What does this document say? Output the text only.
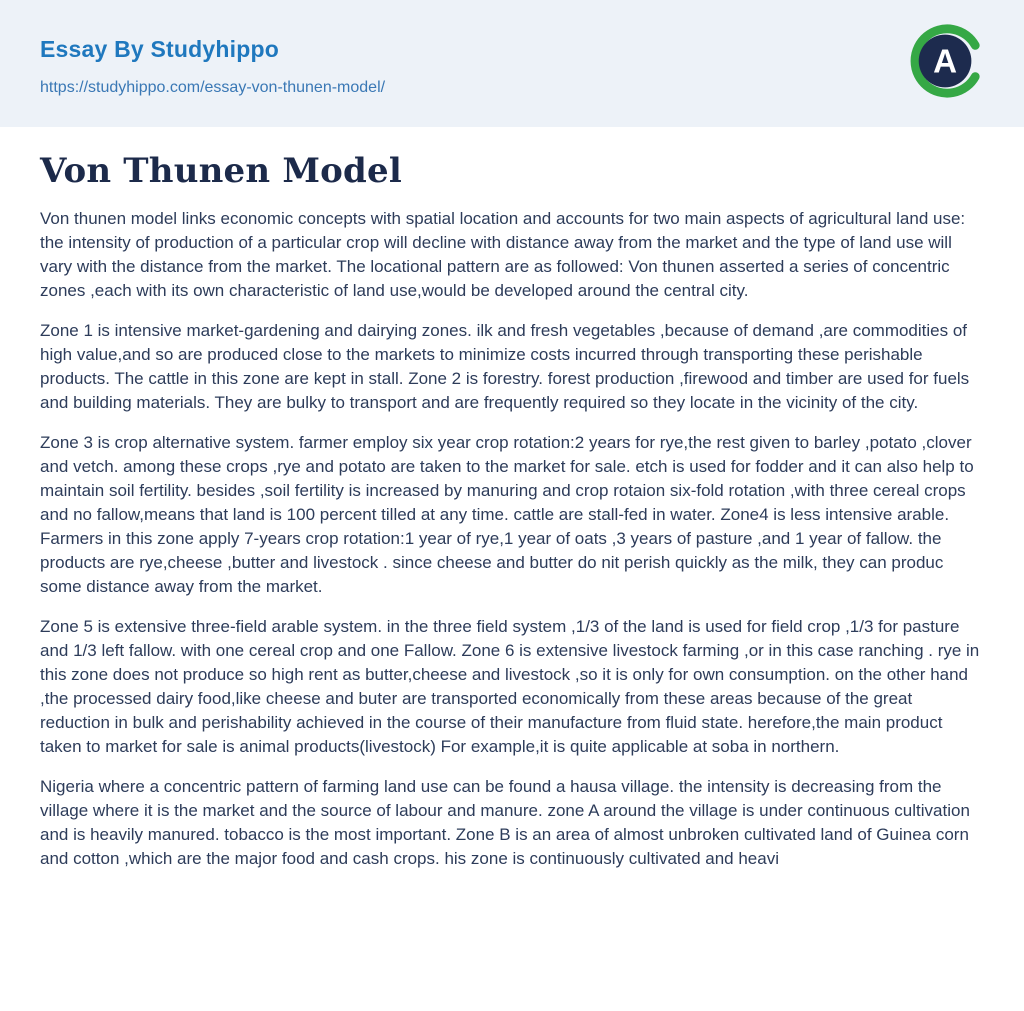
Essay By Studyhippo
https://studyhippo.com/essay-von-thunen-model/
A
Von Thunen Model

Von thunen model links economic concepts with spatial location and accounts for two main aspects of agricultural land use: the intensity of production of a particular crop will decline with distance away from the market and the type of land use will vary with the distance from the market. The locational pattern are as followed: Von thunen asserted a series of concentric zones ,each with its own characteristic of land use,would be developed around the central city.

Zone 1 is intensive market-gardening and dairying zones. ilk and fresh vegetables ,because of demand ,are commodities of high value,and so are produced close to the markets to minimize costs incurred through transporting these perishable products. The cattle in this zone are kept in stall. Zone 2 is forestry. forest production ,firewood and timber are used for fuels and building materials. They are bulky to transport and are frequently required so they locate in the vicinity of the city.

Zone 3 is crop alternative system. farmer employ six year crop rotation:2 years for rye,the rest given to barley ,potato ,clover and vetch. among these crops ,rye and potato are taken to the market for sale. etch is used for fodder and it can also help to maintain soil fertility. besides ,soil fertility is increased by manuring and crop rotaion six-fold rotation ,with three cereal crops and no fallow,means that land is 100 percent tilled at any time. cattle are stall-fed in water. Zone4 is less intensive arable. Farmers in this zone apply 7-years crop rotation:1 year of rye,1 year of oats ,3 years of pasture ,and 1 year of fallow. the products are rye,cheese ,butter and livestock . since cheese and butter do nit perish quickly as the milk, they can produc some distance away from the market.

Zone 5 is extensive three-field arable system. in the three field system ,1/3 of the land is used for field crop ,1/3 for pasture and 1/3 left fallow. with one cereal crop and one Fallow. Zone 6 is extensive livestock farming ,or in this case ranching . rye in this zone does not produce so high rent as butter,cheese and livestock ,so it is only for own consumption. on the other hand ,the processed dairy food,like cheese and buter are transported economically from these areas because of the great reduction in bulk and perishability achieved in the course of their manufacture from fluid state. herefore,the main product taken to market for sale is animal products(livestock) For example,it is quite applicable at soba in northern.

Nigeria where a concentric pattern of farming land use can be found a hausa village. the intensity is decreasing from the village where it is the market and the source of labour and manure. zone A around the village is under continuous cultivation and is heavily manured. tobacco is the most important. Zone B is an area of almost unbroken cultivated land of Guinea corn and cotton ,which are the major food and cash crops. his zone is continuously cultivated and heavi
